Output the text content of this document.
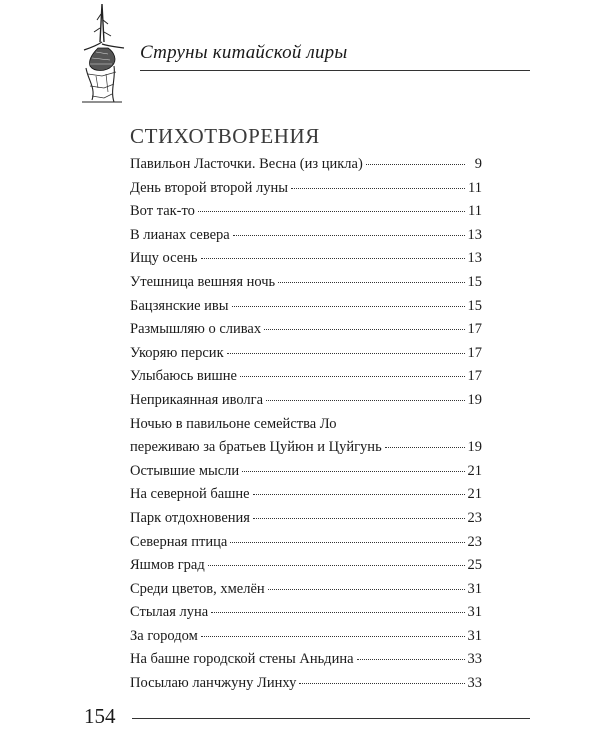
Струны китайской лиры
СТИХОТВОРЕНИЯ
Павильон Ласточки. Весна (из цикла)	9
День второй второй луны	11
Вот так-то	11
В лианах севера	13
Ищу осень	13
Утешница вешняя ночь	15
Бацзянские ивы	15
Размышляю о сливах	17
Укоряю персик	17
Улыбаюсь вишне	17
Неприкаянная иволга	19
Ночью в павильоне семейства Ло
переживаю за братьев Цуйюн и Цуйгунь	19
Остывшие мысли	21
На северной башне	21
Парк отдохновения	23
Северная птица	23
Яшмов град	25
Среди цветов, хмелён	31
Стылая луна	31
За городом	31
На башне городской стены Аньдина	33
Посылаю ланчжуну Линху	33
154
